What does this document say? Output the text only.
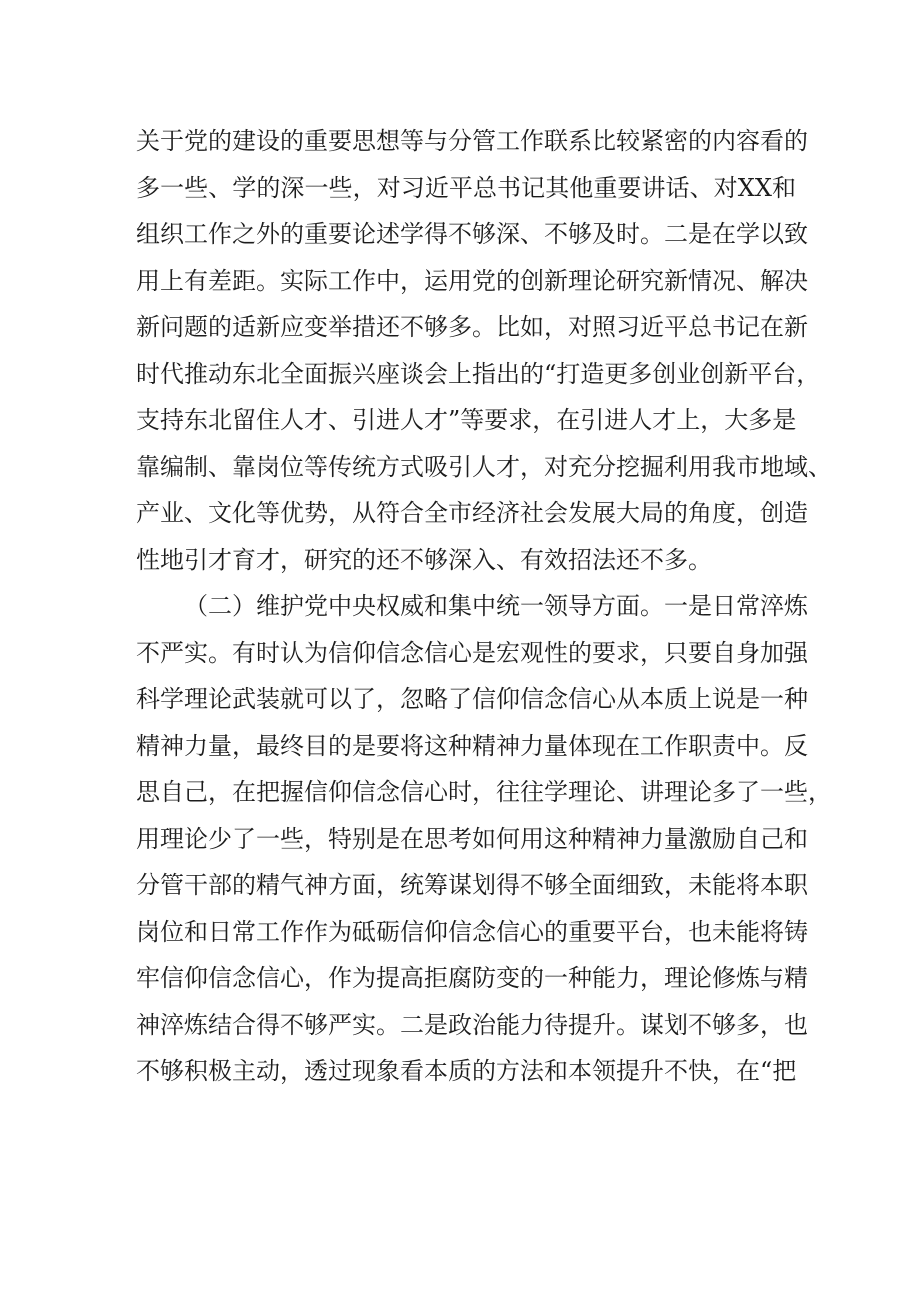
关于党的建设的重要思想等与分管工作联系比较紧密的内容看的
多一些、学的深一些，对习近平总书记其他重要讲话、对XX和
组织工作之外的重要论述学得不够深、不够及时。二是在学以致
用上有差距。实际工作中，运用党的创新理论研究新情况、解决
新问题的适新应变举措还不够多。比如，对照习近平总书记在新
时代推动东北全面振兴座谈会上指出的“打造更多创业创新平台，
支持东北留住人才、引进人才”等要求，在引进人才上，大多是
靠编制、靠岗位等传统方式吸引人才，对充分挖掘利用我市地域、
产业、文化等优势，从符合全市经济社会发展大局的角度，创造
性地引才育才，研究的还不够深入、有效招法还不多。
（二）维护党中央权威和集中统一领导方面。一是日常淬炼
不严实。有时认为信仰信念信心是宏观性的要求，只要自身加强
科学理论武装就可以了，忽略了信仰信念信心从本质上说是一种
精神力量，最终目的是要将这种精神力量体现在工作职责中。反
思自己，在把握信仰信念信心时，往往学理论、讲理论多了一些，
用理论少了一些，特别是在思考如何用这种精神力量激励自己和
分管干部的精气神方面，统筹谋划得不够全面细致，未能将本职
岗位和日常工作作为砥砺信仰信念信心的重要平台，也未能将铸
牢信仰信念信心，作为提高拒腐防变的一种能力，理论修炼与精
神淬炼结合得不够严实。二是政治能力待提升。谋划不够多，也
不够积极主动，透过现象看本质的方法和本领提升不快，在“把
